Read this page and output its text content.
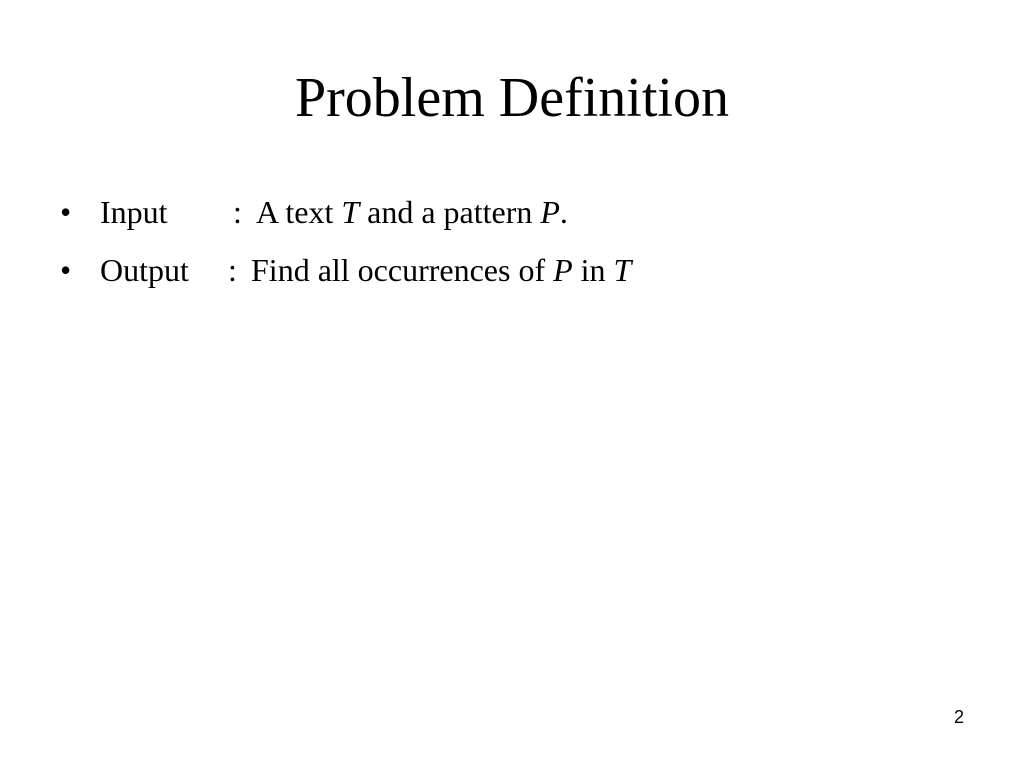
Problem Definition
• Input : A text T and a pattern P.
• Output : Find all occurrences of P in T
2
